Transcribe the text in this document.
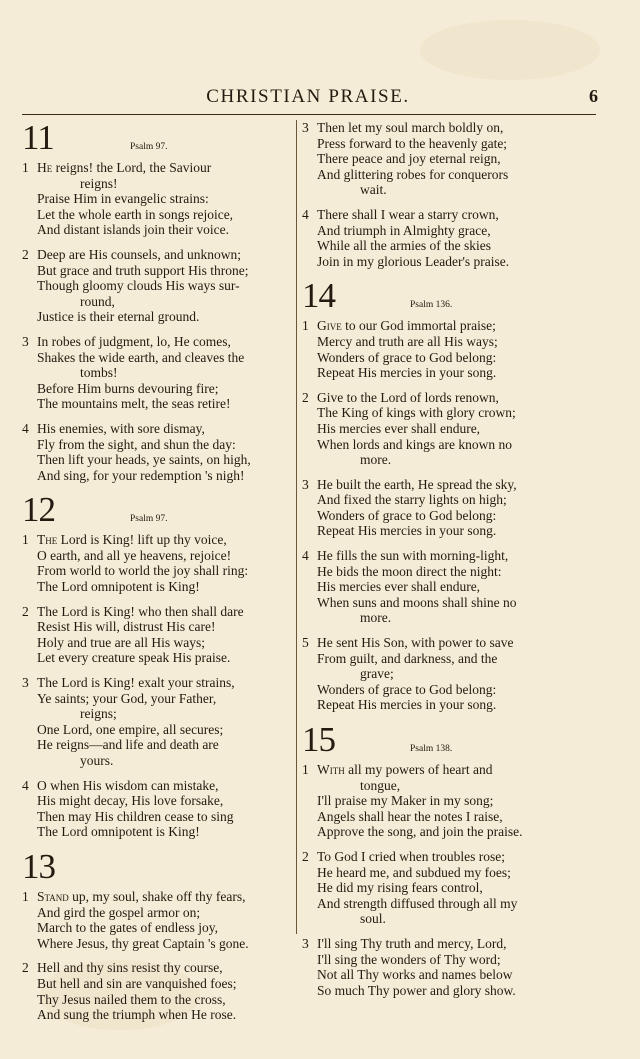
CHRISTIAN PRAISE.	6
11	Psalm 97.
1 He reigns! the Lord, the Saviour
reigns!
Praise Him in evangelic strains:
Let the whole earth in songs rejoice,
And distant islands join their voice.
2 Deep are His counsels, and unknown;
But grace and truth support His throne;
Though gloomy clouds His ways sur-
round,
Justice is their eternal ground.
3 In robes of judgment, lo, He comes,
Shakes the wide earth, and cleaves the
tombs!
Before Him burns devouring fire;
The mountains melt, the seas retire!
4 His enemies, with sore dismay,
Fly from the sight, and shun the day:
Then lift your heads, ye saints, on high,
And sing, for your redemption 's nigh!
12	Psalm 97.
1 The Lord is King! lift up thy voice,
O earth, and all ye heavens, rejoice!
From world to world the joy shall ring:
The Lord omnipotent is King!
2 The Lord is King! who then shall dare
Resist His will, distrust His care!
Holy and true are all His ways;
Let every creature speak His praise.
3 The Lord is King! exalt your strains,
Ye saints; your God, your Father,
reigns;
One Lord, one empire, all secures;
He reigns—and life and death are
yours.
4 O when His wisdom can mistake,
His might decay, His love forsake,
Then may His children cease to sing
The Lord omnipotent is King!
13
1 Stand up, my soul, shake off thy fears,
And gird the gospel armor on;
March to the gates of endless joy,
Where Jesus, thy great Captain 's gone.
2 Hell and thy sins resist thy course,
But hell and sin are vanquished foes;
Thy Jesus nailed them to the cross,
And sung the triumph when He rose.
3 Then let my soul march boldly on,
Press forward to the heavenly gate;
There peace and joy eternal reign,
And glittering robes for conquerors
wait.
4 There shall I wear a starry crown,
And triumph in Almighty grace,
While all the armies of the skies
Join in my glorious Leader's praise.
14	Psalm 136.
1 Give to our God immortal praise;
Mercy and truth are all His ways;
Wonders of grace to God belong:
Repeat His mercies in your song.
2 Give to the Lord of lords renown,
The King of kings with glory crown;
His mercies ever shall endure,
When lords and kings are known no
more.
3 He built the earth, He spread the sky,
And fixed the starry lights on high;
Wonders of grace to God belong:
Repeat His mercies in your song.
4 He fills the sun with morning-light,
He bids the moon direct the night:
His mercies ever shall endure,
When suns and moons shall shine no
more.
5 He sent His Son, with power to save
From guilt, and darkness, and the
grave;
Wonders of grace to God belong:
Repeat His mercies in your song.
15	Psalm 138.
1 With all my powers of heart and
tongue,
I'll praise my Maker in my song;
Angels shall hear the notes I raise,
Approve the song, and join the praise.
2 To God I cried when troubles rose;
He heard me, and subdued my foes;
He did my rising fears control,
And strength diffused through all my
soul.
3 I'll sing Thy truth and mercy, Lord,
I'll sing the wonders of Thy word;
Not all Thy works and names below
So much Thy power and glory show.
